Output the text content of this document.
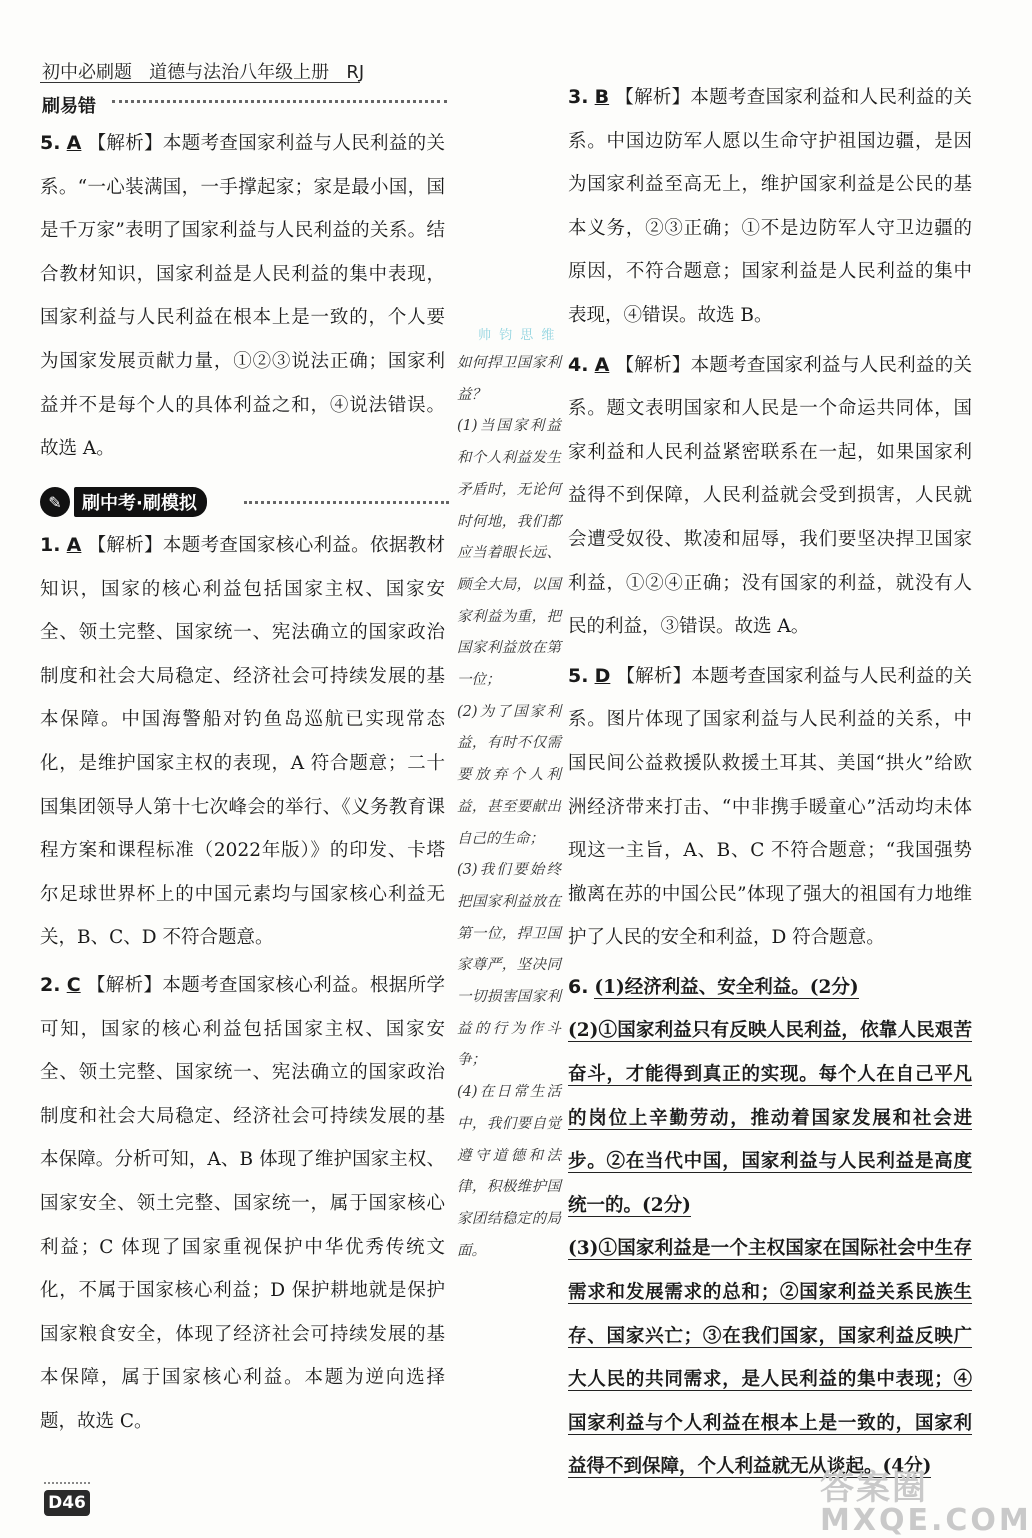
初中必刷题 道德与法治八年级上册 RJ
刷易错

5. A 【解析】本题考查国家利益与人民利益的关系。“一心装满国，一手撑起家；家是最小国，国是千万家”表明了国家利益与人民利益的关系。结合教材知识，国家利益是人民利益的集中表现，国家利益与人民利益在根本上是一致的，个人要为国家发展贡献力量，①②③说法正确；国家利益并不是每个人的具体利益之和，④说法错误。故选 A。

✎	刷中考·刷模拟

1. A 【解析】本题考查国家核心利益。依据教材知识，国家的核心利益包括国家主权、国家安全、领土完整、国家统一、宪法确立的国家政治制度和社会大局稳定、经济社会可持续发展的基本保障。中国海警船对钓鱼岛巡航已实现常态化，是维护国家主权的表现，A 符合题意；二十国集团领导人第十七次峰会的举行、《义务教育课程方案和课程标准（2022年版）》的印发、卡塔尔足球世界杯上的中国元素均与国家核心利益无关，B、C、D 不符合题意。

2. C 【解析】本题考查国家核心利益。根据所学可知，国家的核心利益包括国家主权、国家安全、领土完整、国家统一、宪法确立的国家政治制度和社会大局稳定、经济社会可持续发展的基本保障。分析可知，A、B 体现了维护国家主权、国家安全、领土完整、国家统一，属于国家核心利益；C 体现了国家重视保护中华优秀传统文化，不属于国家核心利益；D 保护耕地就是保护国家粮食安全，体现了经济社会可持续发展的基本保障，属于国家核心利益。本题为逆向选择题，故选 C。

帅 钧 思 维

如何捍卫国家利益？

(1)当国家利益和个人利益发生矛盾时，无论何时何地，我们都应当着眼长远、顾全大局，以国家利益为重，把国家利益放在第一位；

(2)为了国家利益，有时不仅需要放弃个人利益，甚至要献出自己的生命；

(3)我们要始终把国家利益放在第一位，捍卫国家尊严，坚决同一切损害国家利益的行为作斗争；

(4)在日常生活中，我们要自觉遵守道德和法律，积极维护国家团结稳定的局面。

3. B 【解析】本题考查国家利益和人民利益的关系。中国边防军人愿以生命守护祖国边疆，是因为国家利益至高无上，维护国家利益是公民的基本义务，②③正确；①不是边防军人守卫边疆的原因，不符合题意；国家利益是人民利益的集中表现，④错误。故选 B。

4. A 【解析】本题考查国家利益与人民利益的关系。题文表明国家和人民是一个命运共同体，国家利益和人民利益紧密联系在一起，如果国家利益得不到保障，人民利益就会受到损害，人民就会遭受奴役、欺凌和屈辱，我们要坚决捍卫国家利益，①②④正确；没有国家的利益，就没有人民的利益，③错误。故选 A。

5. D 【解析】本题考查国家利益与人民利益的关系。图片体现了国家利益与人民利益的关系，中国民间公益救援队救援土耳其、美国“拱火”给欧洲经济带来打击、“中非携手暖童心”活动均未体现这一主旨，A、B、C 不符合题意；“我国强势撤离在苏的中国公民”体现了强大的祖国有力地维护了人民的安全和利益，D 符合题意。

6. (1)经济利益、安全利益。(2分)

(2)①国家利益只有反映人民利益，依靠人民艰苦奋斗，才能得到真正的实现。每个人在自己平凡的岗位上辛勤劳动，推动着国家发展和社会进步。②在当代中国，国家利益与人民利益是高度统一的。(2分)

(3)①国家利益是一个主权国家在国际社会中生存需求和发展需求的总和；②国家利益关系民族生存、国家兴亡；③在我们国家，国家利益反映广大人民的共同需求，是人民利益的集中表现；④国家利益与个人利益在根本上是一致的，国家利益得不到保障，个人利益就无从谈起。(4分)

D46	答案圈
MXQE.COM
